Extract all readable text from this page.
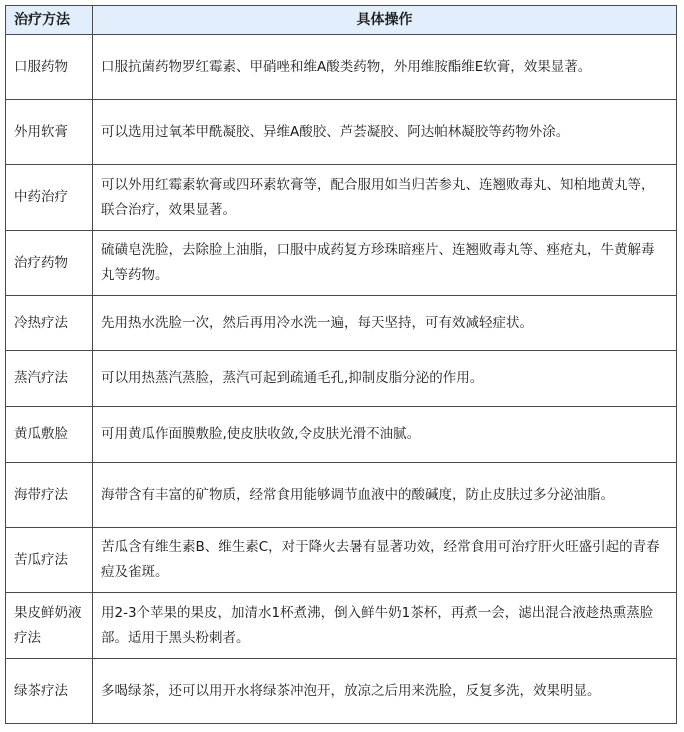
治疗方法	具体操作
口服药物	口服抗菌药物罗红霉素、甲硝唑和维A酸类药物，外用维胺酯维E软膏，效果显著。
外用软膏	可以选用过氧苯甲酰凝胶、异维A酸胶、芦荟凝胶、阿达帕林凝胶等药物外涂。
中药治疗	可以外用红霉素软膏或四环素软膏等，配合服用如当归苦参丸、连翘败毒丸、知柏地黄丸等，联合治疗，效果显著。
治疗药物	硫磺皂洗脸，去除脸上油脂，口服中成药复方珍珠暗痤片、连翘败毒丸等、痤疮丸，牛黄解毒丸等药物。
冷热疗法	先用热水洗脸一次，然后再用冷水洗一遍，每天坚持，可有效减轻症状。
蒸汽疗法	可以用热蒸汽蒸脸，蒸汽可起到疏通毛孔,抑制皮脂分泌的作用。
黄瓜敷脸	可用黄瓜作面膜敷脸,使皮肤收敛,令皮肤光滑不油腻。
海带疗法	海带含有丰富的矿物质，经常食用能够调节血液中的酸碱度，防止皮肤过多分泌油脂。
苦瓜疗法	苦瓜含有维生素B、维生素C，对于降火去暑有显著功效，经常食用可治疗肝火旺盛引起的青春痘及雀斑。
果皮鲜奶液疗法	用2-3个苹果的果皮，加清水1杯煮沸，倒入鲜牛奶1茶杯，再煮一会，滤出混合液趁热熏蒸脸部。适用于黑头粉刺者。
绿茶疗法	多喝绿茶，还可以用开水将绿茶冲泡开，放凉之后用来洗脸，反复多洗，效果明显。
